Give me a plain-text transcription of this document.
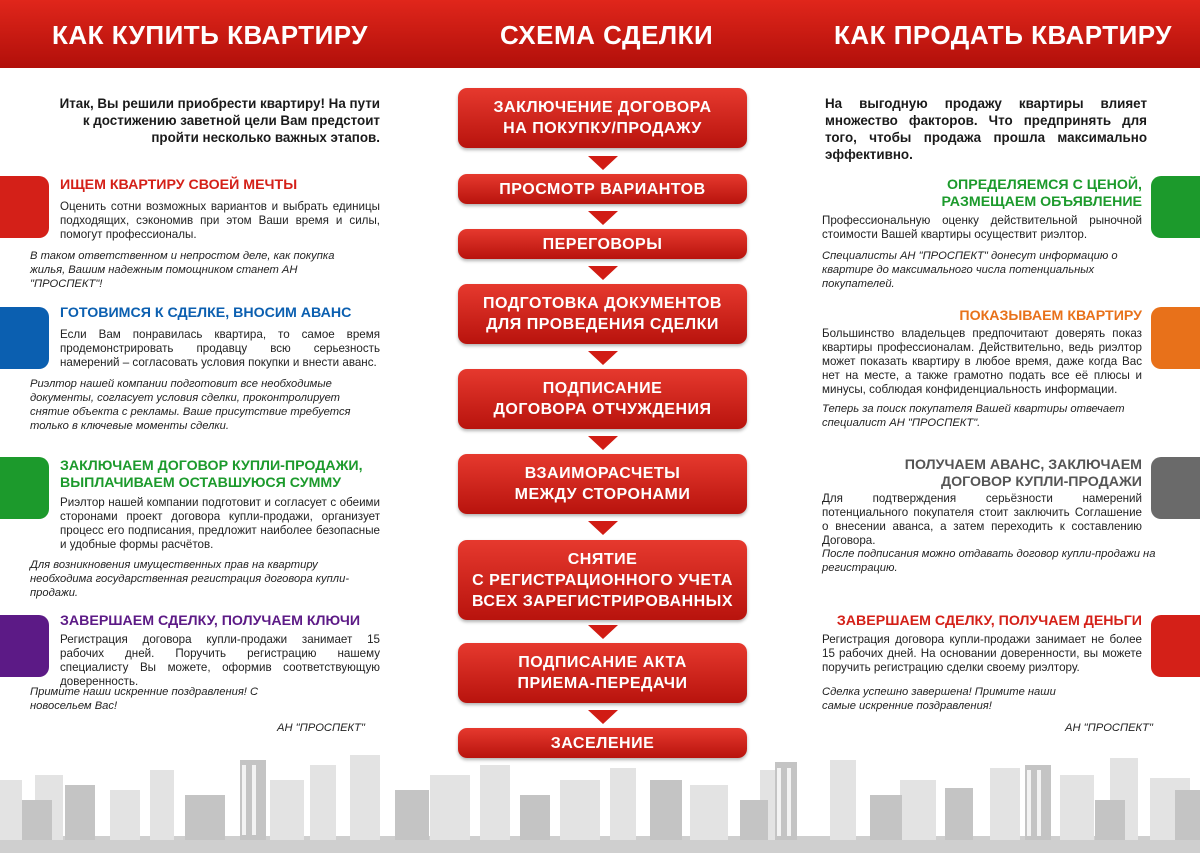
КАК КУПИТЬ КВАРТИРУ	СХЕМА СДЕЛКИ	КАК ПРОДАТЬ КВАРТИРУ

Итак, Вы решили приобрести квартиру! На пути к достижению заветной цели Вам предстоит пройти несколько важных этапов.

ИЩЕМ КВАРТИРУ СВОЕЙ МЕЧТЫ

Оценить сотни возможных вариантов и выбрать единицы подходящих, сэкономив при этом Ваши время и силы, помогут профессионалы.

В таком ответственном и непростом деле, как покупка жилья, Вашим надежным помощником станет АН "ПРОСПЕКТ"!

ГОТОВИМСЯ К СДЕЛКЕ, ВНОСИМ АВАНС

Если Вам понравилась квартира, то самое время продемонстрировать продавцу всю серьезность намерений – согласовать условия покупки и внести аванс.

Риэлтор нашей компании подготовит все необходимые документы, согласует условия сделки, проконтролирует снятие объекта с рекламы. Ваше присутствие требуется только в ключевые моменты сделки.

ЗАКЛЮЧАЕМ ДОГОВОР КУПЛИ-ПРОДАЖИ, ВЫПЛАЧИВАЕМ ОСТАВШУЮСЯ СУММУ

Риэлтор нашей компании подготовит и согласует с обеими сторонами проект договора купли-продажи, организует процесс его подписания, предложит наиболее безопасные и удобные формы расчётов.

Для возникновения имущественных прав на квартиру необходима государственная регистрация договора купли-продажи.

ЗАВЕРШАЕМ СДЕЛКУ, ПОЛУЧАЕМ КЛЮЧИ

Регистрация договора купли-продажи занимает 15 рабочих дней. Поручить регистрацию нашему специалисту Вы можете, оформив соответствующую доверенность.

Примите наши искренние поздравления! С новосельем Вас!

АН "ПРОСПЕКТ"

ЗАКЛЮЧЕНИЕ ДОГОВОРА
НА ПОКУПКУ/ПРОДАЖУ
ПРОСМОТР ВАРИАНТОВ
ПЕРЕГОВОРЫ
ПОДГОТОВКА ДОКУМЕНТОВ
ДЛЯ ПРОВЕДЕНИЯ СДЕЛКИ
ПОДПИСАНИЕ
ДОГОВОРА ОТЧУЖДЕНИЯ
ВЗАИМОРАСЧЕТЫ
МЕЖДУ СТОРОНАМИ
СНЯТИЕ
С РЕГИСТРАЦИОННОГО УЧЕТА
ВСЕХ ЗАРЕГИСТРИРОВАННЫХ
ПОДПИСАНИЕ АКТА
ПРИЕМА-ПЕРЕДАЧИ
ЗАСЕЛЕНИЕ

На выгодную продажу квартиры влияет множество факторов. Что предпринять для того, чтобы продажа прошла максимально эффективно.

ОПРЕДЕЛЯЕМСЯ С ЦЕНОЙ,
РАЗМЕЩАЕМ ОБЪЯВЛЕНИЕ

Профессиональную оценку действительной рыночной стоимости Вашей квартиры осуществит риэлтор.

Специалисты АН "ПРОСПЕКТ" донесут информацию о квартире до максимального числа потенциальных покупателей.

ПОКАЗЫВАЕМ КВАРТИРУ

Большинство владельцев предпочитают доверять показ квартиры профессионалам. Действительно, ведь риэлтор может показать квартиру в любое время, даже когда Вас нет на месте, а также грамотно подать все её плюсы и минусы, соблюдая конфиденциальность информации.

Теперь за поиск покупателя Вашей квартиры отвечает специалист АН "ПРОСПЕКТ".

ПОЛУЧАЕМ АВАНС, ЗАКЛЮЧАЕМ
ДОГОВОР КУПЛИ-ПРОДАЖИ

Для подтверждения серьёзности намерений потенциального покупателя стоит заключить Соглашение о внесении аванса, а затем переходить к составлению Договора.

После подписания можно отдавать договор купли-продажи на регистрацию.

ЗАВЕРШАЕМ СДЕЛКУ, ПОЛУЧАЕМ ДЕНЬГИ

Регистрация договора купли-продажи занимает не более 15 рабочих дней. На основании доверенности, вы можете поручить регистрацию сделки своему риэлтору.

Сделка успешно завершена! Примите наши самые искренние поздравления!

АН "ПРОСПЕКТ"
